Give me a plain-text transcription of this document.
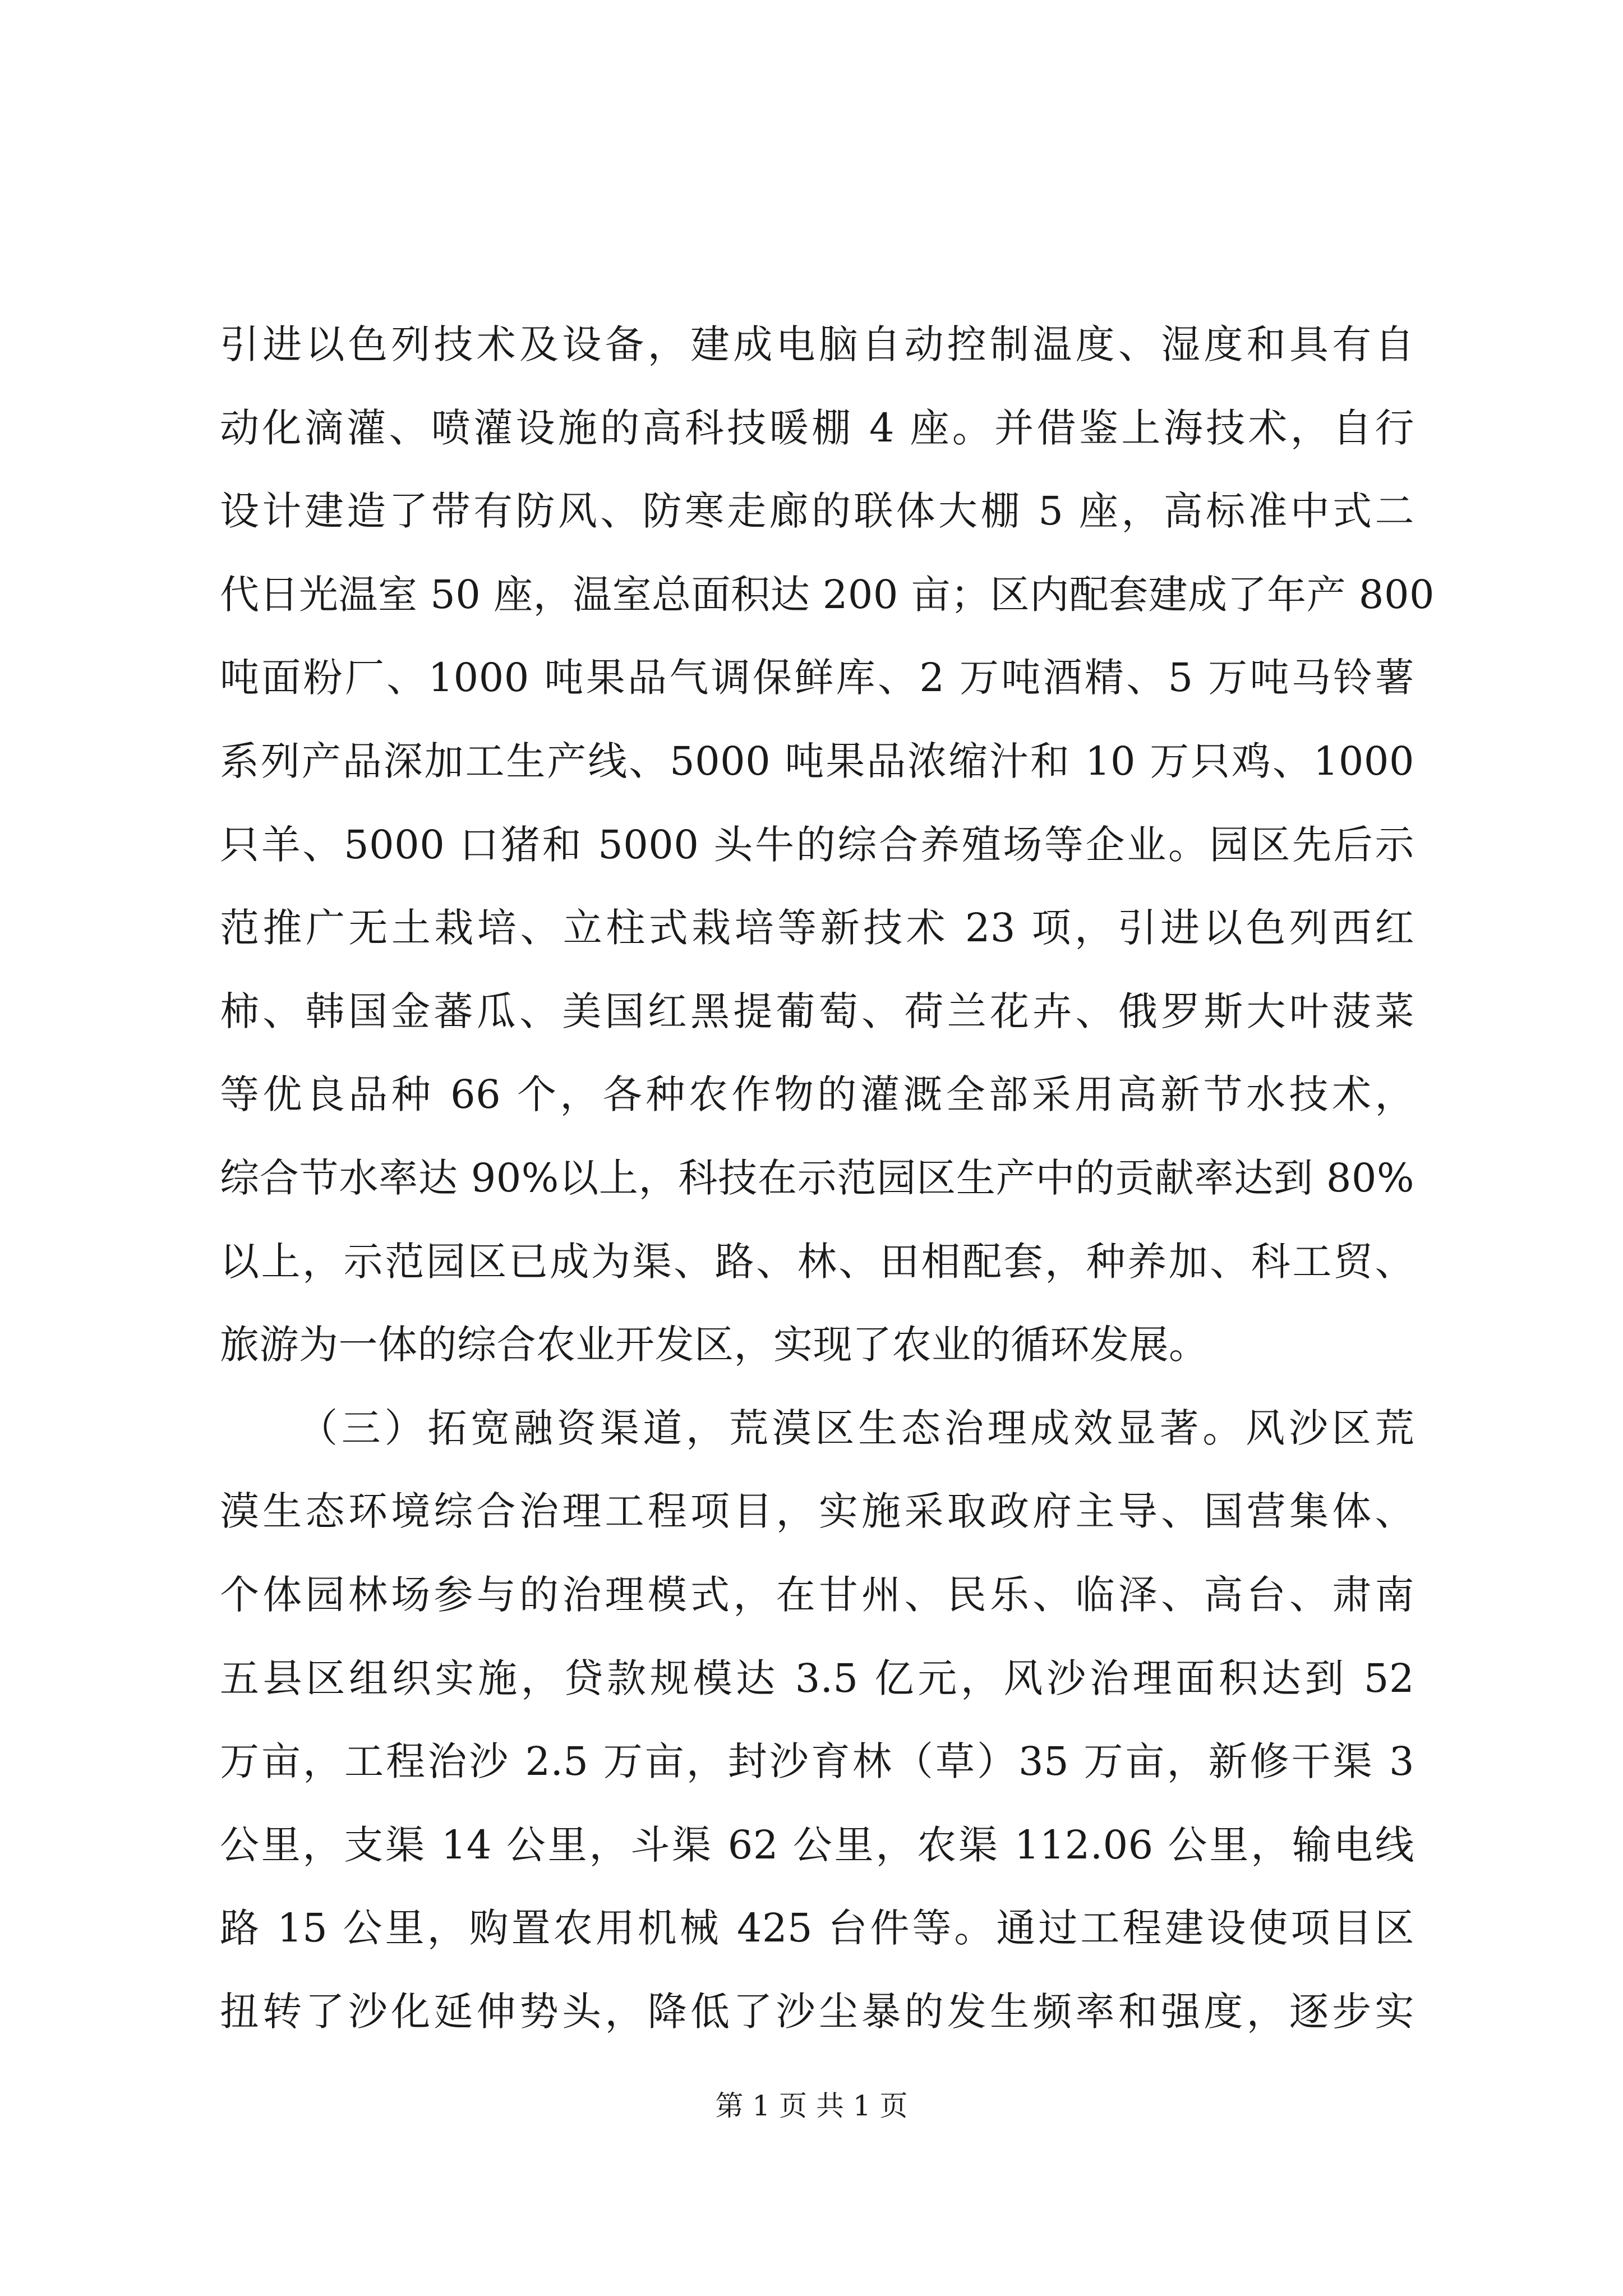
引进以色列技术及设备，建成电脑自动控制温度、湿度和具有自
动化滴灌、喷灌设施的高科技暖棚 4 座。并借鉴上海技术，自行
设计建造了带有防风、防寒走廊的联体大棚 5 座，高标准中式二
代日光温室 50 座，温室总面积达 200 亩；区内配套建成了年产 800
吨面粉厂、1000 吨果品气调保鲜库、2 万吨酒精、5 万吨马铃薯
系列产品深加工生产线、5000 吨果品浓缩汁和 10 万只鸡、1000
只羊、5000 口猪和 5000 头牛的综合养殖场等企业。园区先后示
范推广无土栽培、立柱式栽培等新技术 23 项，引进以色列西红
柿、韩国金蕃瓜、美国红黑提葡萄、荷兰花卉、俄罗斯大叶菠菜
等优良品种 66 个，各种农作物的灌溉全部采用高新节水技术，
综合节水率达 90%以上，科技在示范园区生产中的贡献率达到 80%
以上，示范园区已成为渠、路、林、田相配套，种养加、科工贸、
旅游为一体的综合农业开发区，实现了农业的循环发展。
（三）拓宽融资渠道，荒漠区生态治理成效显著。风沙区荒
漠生态环境综合治理工程项目，实施采取政府主导、国营集体、
个体园林场参与的治理模式，在甘州、民乐、临泽、高台、肃南
五县区组织实施，贷款规模达 3.5 亿元，风沙治理面积达到 52
万亩，工程治沙 2.5 万亩，封沙育林（草）35 万亩，新修干渠 3
公里，支渠 14 公里，斗渠 62 公里，农渠 112.06 公里，输电线
路 15 公里，购置农用机械 425 台件等。通过工程建设使项目区
扭转了沙化延伸势头，降低了沙尘暴的发生频率和强度，逐步实
第 1 页 共 1 页
